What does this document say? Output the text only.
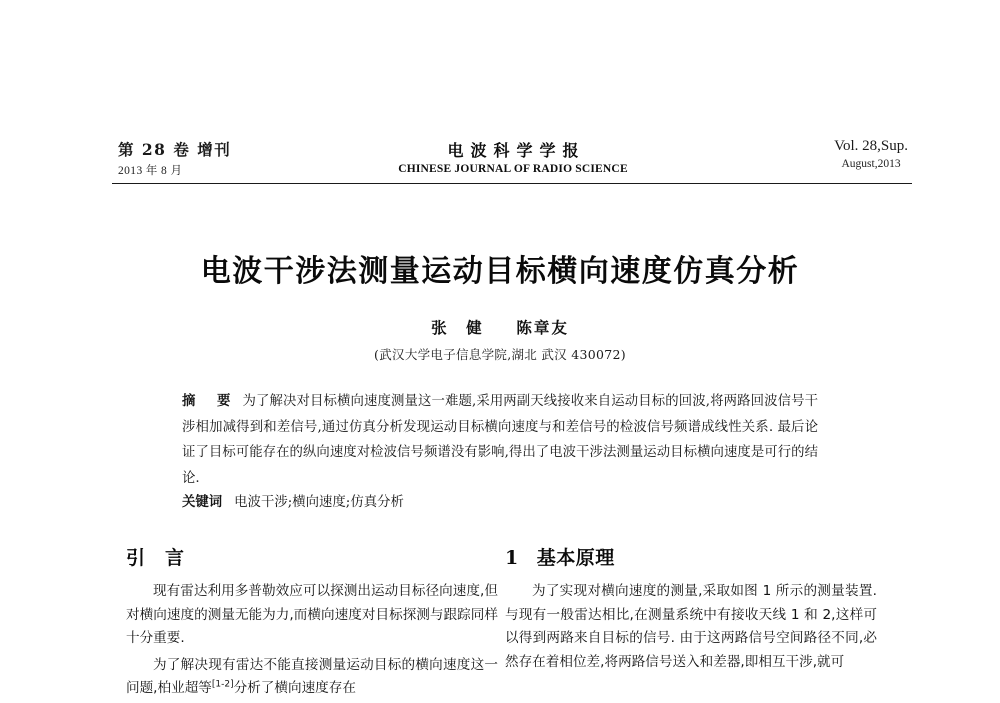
第 28 卷 增刊
2013 年 8 月
电波科学学报
CHINESE JOURNAL OF RADIO SCIENCE
Vol. 28,Sup.
August,2013
电波干涉法测量运动目标横向速度仿真分析
张　健 陈章友
(武汉大学电子信息学院,湖北 武汉 430072)
摘　要 为了解决对目标横向速度测量这一难题,采用两副天线接收来自运动目标的回波,将两路回波信号干涉相加减得到和差信号,通过仿真分析发现运动目标横向速度与和差信号的检波信号频谱成线性关系. 最后论证了目标可能存在的纵向速度对检波信号频谱没有影响,得出了电波干涉法测量运动目标横向速度是可行的结论.
关键词 电波干涉;横向速度;仿真分析
引　言

现有雷达利用多普勒效应可以探测出运动目标径向速度,但对横向速度的测量无能为力,而横向速度对目标探测与跟踪同样十分重要.

为了解决现有雷达不能直接测量运动目标的横向速度这一问题,柏业超等[1-2]分析了横向速度存在

1 基本原理

为了实现对横向速度的测量,采取如图 1 所示的测量装置. 与现有一般雷达相比,在测量系统中有接收天线 1 和 2,这样可以得到两路来自目标的信号. 由于这两路信号空间路径不同,必然存在着相位差,将两路信号送入和差器,即相互干涉,就可
